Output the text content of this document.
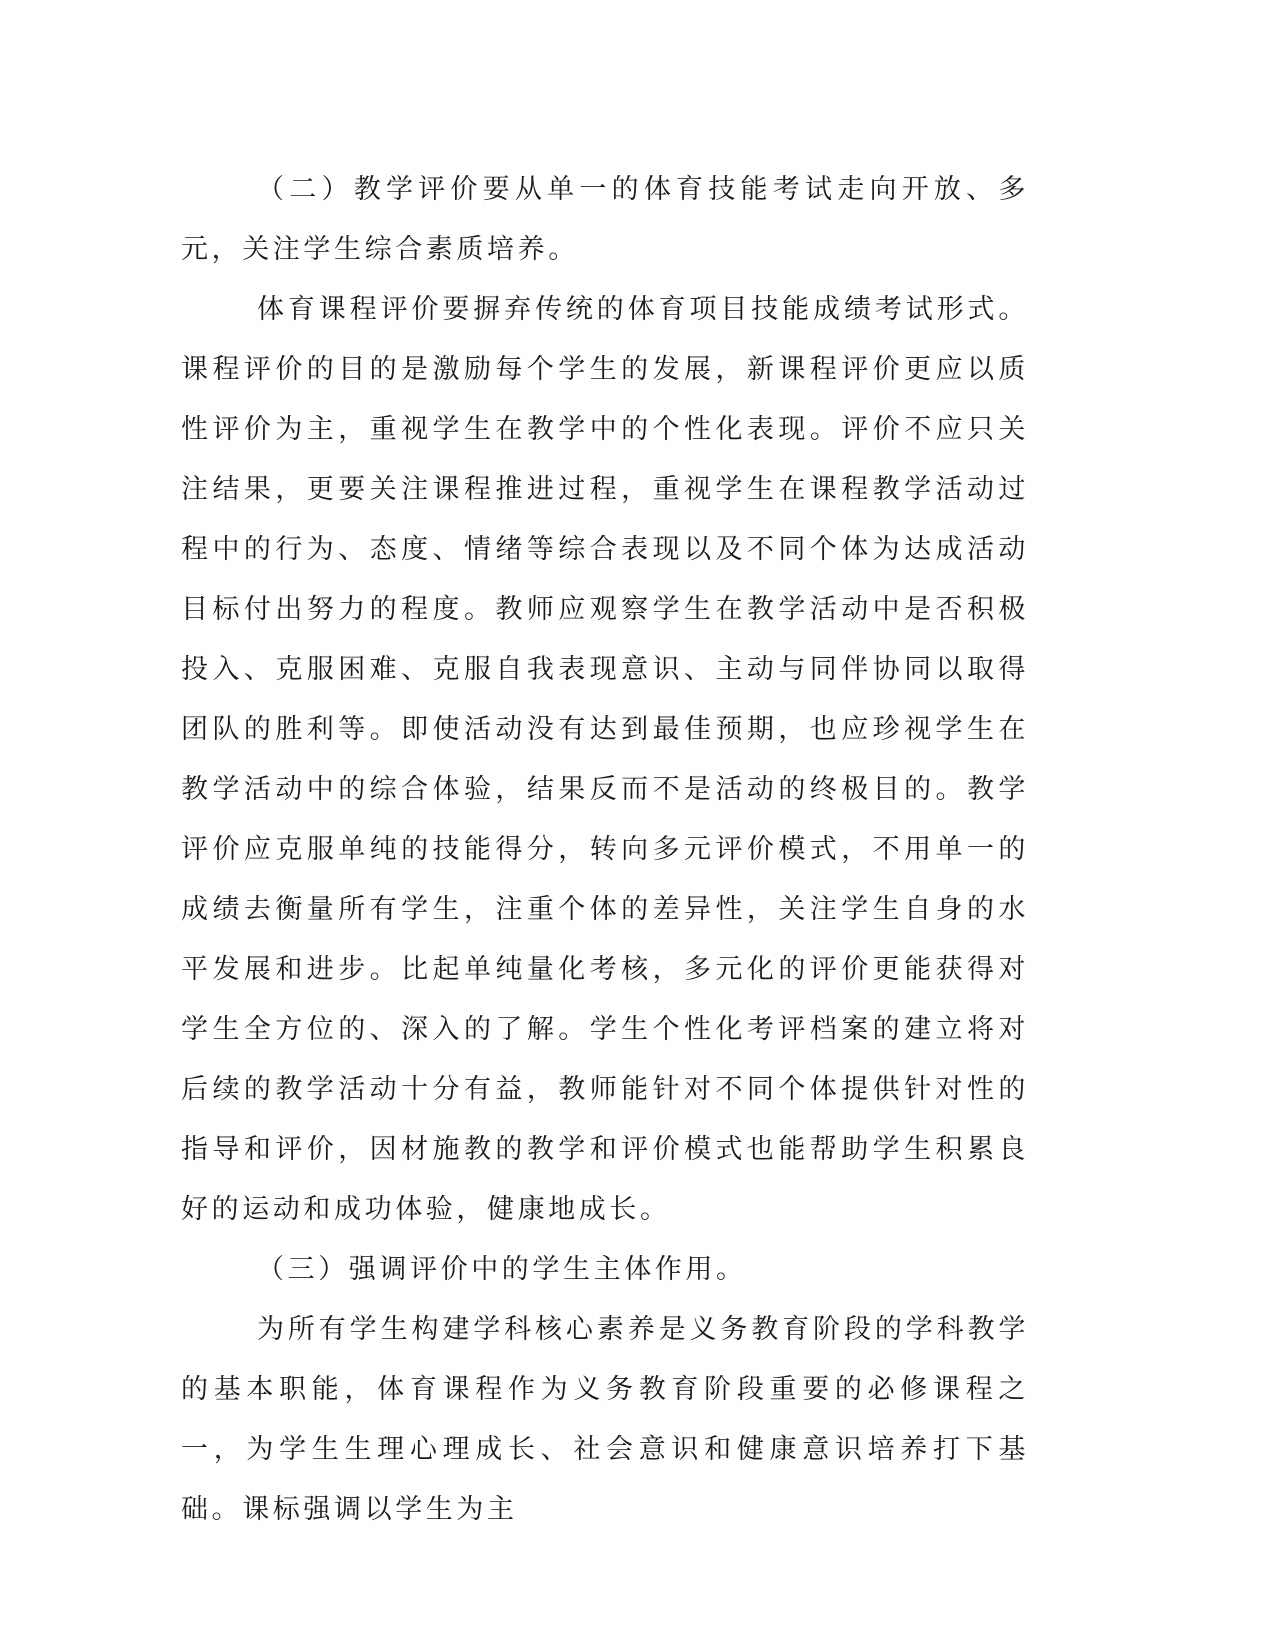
（二）教学评价要从单一的体育技能考试走向开放、多元，关注学生综合素质培养。

体育课程评价要摒弃传统的体育项目技能成绩考试形式。课程评价的目的是激励每个学生的发展，新课程评价更应以质性评价为主，重视学生在教学中的个性化表现。评价不应只关注结果，更要关注课程推进过程，重视学生在课程教学活动过程中的行为、态度、情绪等综合表现以及不同个体为达成活动目标付出努力的程度。教师应观察学生在教学活动中是否积极投入、克服困难、克服自我表现意识、主动与同伴协同以取得团队的胜利等。即使活动没有达到最佳预期，也应珍视学生在教学活动中的综合体验，结果反而不是活动的终极目的。教学评价应克服单纯的技能得分，转向多元评价模式，不用单一的成绩去衡量所有学生，注重个体的差异性，关注学生自身的水平发展和进步。比起单纯量化考核，多元化的评价更能获得对学生全方位的、深入的了解。学生个性化考评档案的建立将对后续的教学活动十分有益，教师能针对不同个体提供针对性的指导和评价，因材施教的教学和评价模式也能帮助学生积累良好的运动和成功体验，健康地成长。

（三）强调评价中的学生主体作用。

为所有学生构建学科核心素养是义务教育阶段的学科教学的基本职能，体育课程作为义务教育阶段重要的必修课程之一，为学生生理心理成长、社会意识和健康意识培养打下基础。课标强调以学生为主
